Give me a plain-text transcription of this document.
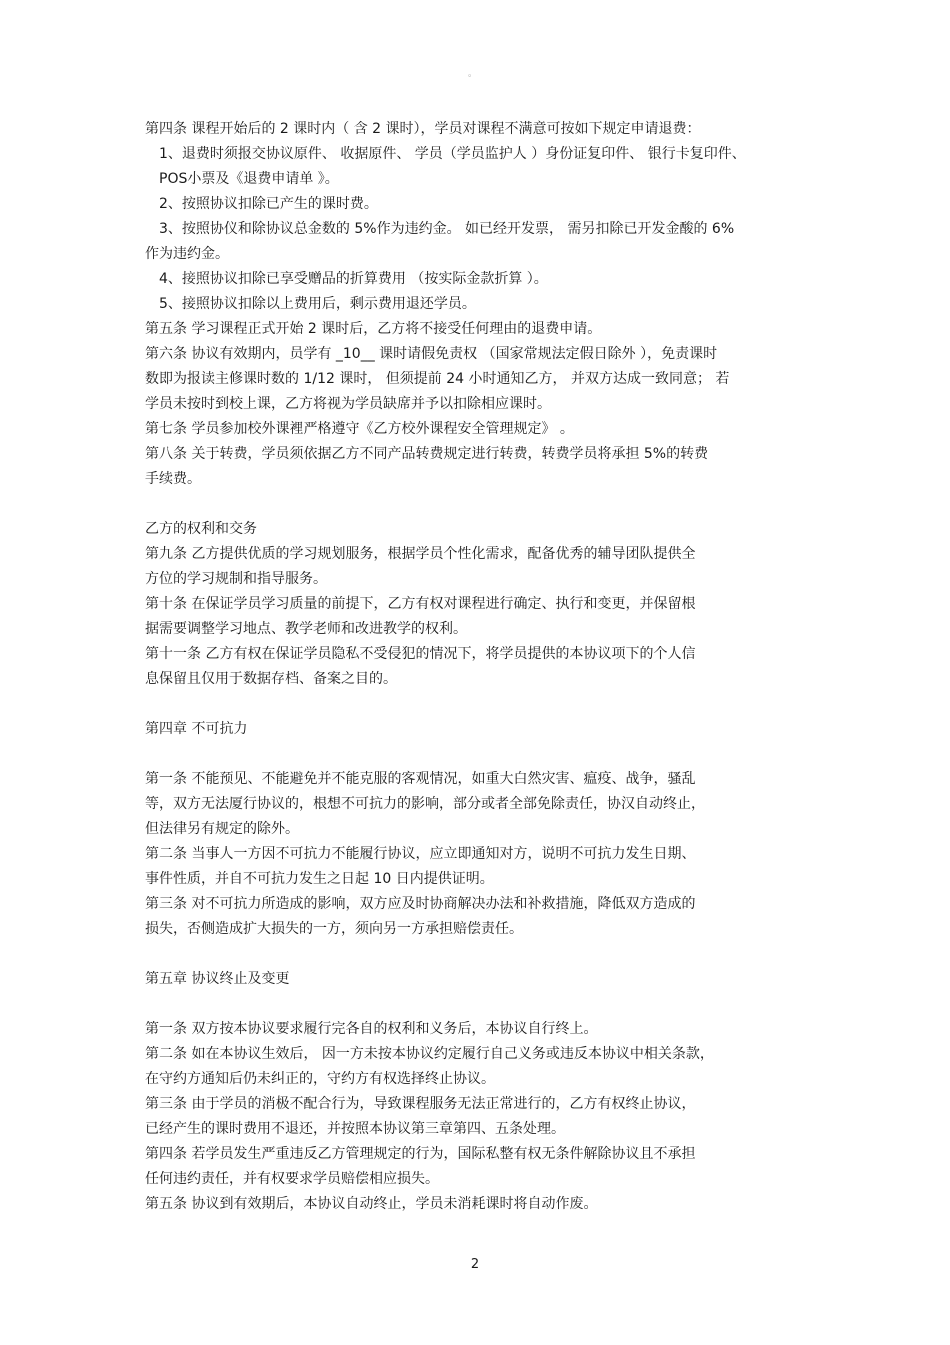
。
第四条 课程开始后的 2 课时内（ 含 2 课时），学员对课程不满意可按如下规定申请退费：
1、退费时须报交协议原件、 收据原件、 学员（学员监护人 ）身份证复印件、 银行卡复印件、
POS小票及《退费申请单 》。
2、按照协议扣除已产生的课时费。
3、按照协仪和除协议总金数的 5%作为违约金。 如已经开发票， 需另扣除已开发金酸的 6%
作为违约金。
4、接照协议扣除已享受赠品的折算费用 （按实际金款折算 ）。
5、接照协议扣除以上费用后，剩示费用退还学员。
第五条 学习课程正式开始 2 课时后，乙方将不接受任何理由的退费申请。
第六条 协议有效期内，员学有 _10__ 课时请假免责权 （国家常规法定假日除外 ），免责课时
数即为报读主修课时数的 1/12 课时， 但须提前 24 小时通知乙方， 并双方达成一致同意； 若
学员未按时到校上课，乙方将视为学员缺席并予以扣除相应课时。
第七条 学员参加校外课裡严格遵守《乙方校外课程安全管理规定》 。
第八条 关于转费，学员须依据乙方不同产品转费规定进行转费，转费学员将承担 5%的转费
手续费。
乙方的权利和交务
第九条 乙方提供优质的学习规划服务，根据学员个性化需求，配备优秀的辅导团队提供全
方位的学习规制和指导服务。
第十条 在保证学员学习质量的前提下，乙方有权对课程进行确定、执行和变更，并保留根
据需要调整学习地点、教学老师和改进教学的权利。
第十一条 乙方有权在保证学员隐私不受侵犯的情况下，将学员提供的本协议项下的个人信
息保留且仅用于数据存档、备案之目的。
第四章 不可抗力
第一条 不能预见、不能避免并不能克服的客观情况，如重大白然灾害、瘟疫、战争，骚乱
等，双方无法厦行协议的，根想不可抗力的影响，部分或者全部免除责任，协汉自动终止，
但法律另有规定的除外。
第二条 当事人一方因不可抗力不能履行协议，应立即通知对方，说明不可抗力发生日期、
事件性质，并自不可抗力发生之日起 10 日内提供证明。
第三条 对不可抗力所造成的影响，双方应及时协商解决办法和补救措施，降低双方造成的
损失，否侧造成扩大损失的一方，须向另一方承担赔偿责任。
第五章 协议终止及变更
第一条 双方按本协议要求履行完各自的权利和义务后，本协议自行终上。
第二条 如在本协议生效后， 因一方未按本协议约定履行自己义务或违反本协议中相关条款，
在守约方通知后仍未纠正的，守约方有权选择终止协议。
第三条 由于学员的消极不配合行为，导致课程服务无法正常进行的，乙方有权终止协议，
已经产生的课时费用不退还，并按照本协议第三章第四、五条处理。
第四条 若学员发生严重违反乙方管理规定的行为，国际私整有权无条件解除协议且不承担
任何违约责任，并有权要求学员赔偿相应损失。
第五条 协议到有效期后，本协议自动终止，学员未消耗课时将自动作废。
2
